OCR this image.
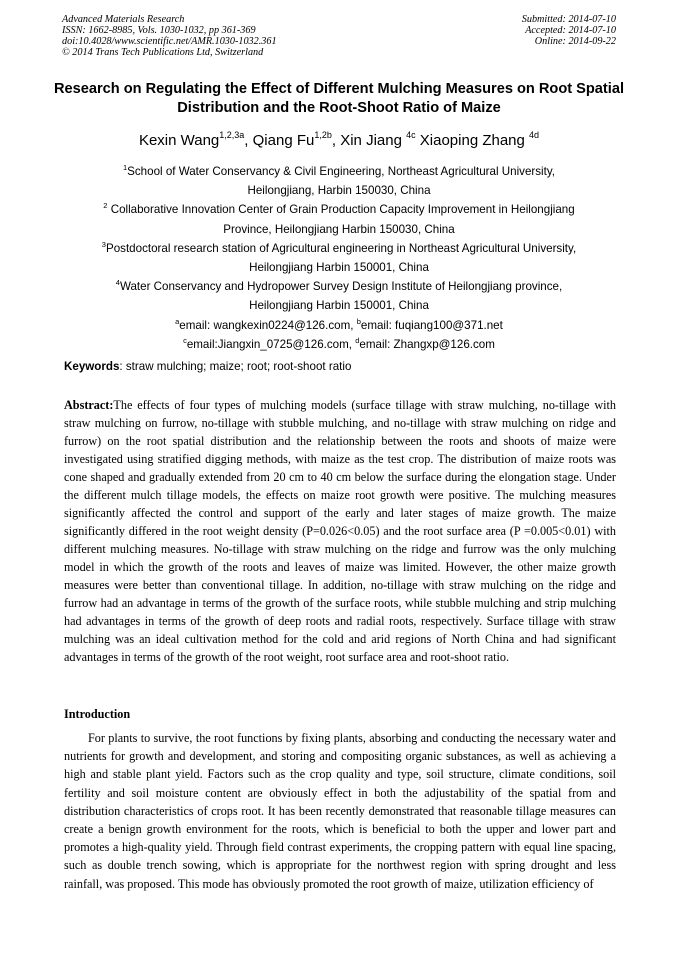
Advanced Materials Research
ISSN: 1662-8985, Vols. 1030-1032, pp 361-369
doi:10.4028/www.scientific.net/AMR.1030-1032.361
© 2014 Trans Tech Publications Ltd, Switzerland
Submitted: 2014-07-10
Accepted: 2014-07-10
Online: 2014-09-22
Research on Regulating the Effect of Different Mulching Measures on Root Spatial Distribution and the Root-Shoot Ratio of Maize
Kexin Wang$^{1,2,3a}$, Qiang $Fu^{1,2b}$, Xin Jiang $^{4c}$ Xiaoping Zhang $^{4d}$
$^1$School of Water Conservancy & Civil Engineering, Northeast Agricultural University,
Heilongjiang, Harbin 150030, China
$^2$ Collaborative Innovation Center of Grain Production Capacity Improvement in Heilongjiang
Province, Heilongjiang Harbin 150030, China
$^3$Postdoctoral research station of Agricultural engineering in Northeast Agricultural University,
Heilongjiang Harbin 150001, China
$^4$Water Conservancy and Hydropower Survey Design Institute of Heilongjiang province,
Heilongjiang Harbin 150001, China
$^a$email: wangkexin0224@126.com, $^b$email: fuqiang100@371.net
$^c$email:Jiangxin_0725@126.com, $^d$email: Zhangxp@126.com
Keywords: straw mulching; maize; root; root-shoot ratio
Abstract:The effects of four types of mulching models (surface tillage with straw mulching, no-tillage with straw mulching on furrow, no-tillage with stubble mulching, and no-tillage with straw mulching on ridge and furrow) on the root spatial distribution and the relationship between the roots and shoots of maize were investigated using stratified digging methods, with maize as the test crop. The distribution of maize roots was cone shaped and gradually extended from 20 cm to 40 cm below the surface during the elongation stage. Under the different mulch tillage models, the effects on maize root growth were positive. The mulching measures significantly affected the control and support of the early and later stages of maize growth. The maize significantly differed in the root weight density (P=0.026<0.05) and the root surface area (P =0.005<0.01) with different mulching measures. No-tillage with straw mulching on the ridge and furrow was the only mulching model in which the growth of the roots and leaves of maize was limited. However, the other maize growth measures were better than conventional tillage. In addition, no-tillage with straw mulching on the ridge and furrow had an advantage in terms of the growth of the surface roots, while stubble mulching and strip mulching had advantages in terms of the growth of deep roots and radial roots, respectively. Surface tillage with straw mulching was an ideal cultivation method for the cold and arid regions of North China and had significant advantages in terms of the growth of the root weight, root surface area and root-shoot ratio.
Introduction
For plants to survive, the root functions by fixing plants, absorbing and conducting the necessary water and nutrients for growth and development, and storing and compositing organic substances, as well as achieving a high and stable plant yield. Factors such as the crop quality and type, soil structure, climate conditions, soil fertility and soil moisture content are obviously effect in both the adjustability of the spatial from and distribution characteristics of crops root. It has been recently demonstrated that reasonable tillage measures can create a benign growth environment for the roots, which is beneficial to both the upper and lower part and promotes a high-quality yield. Through field contrast experiments, the cropping pattern with equal line spacing, such as double trench sowing, which is appropriate for the northwest region with spring drought and less rainfall, was proposed. This mode has obviously promoted the root growth of maize, utilization efficiency of
